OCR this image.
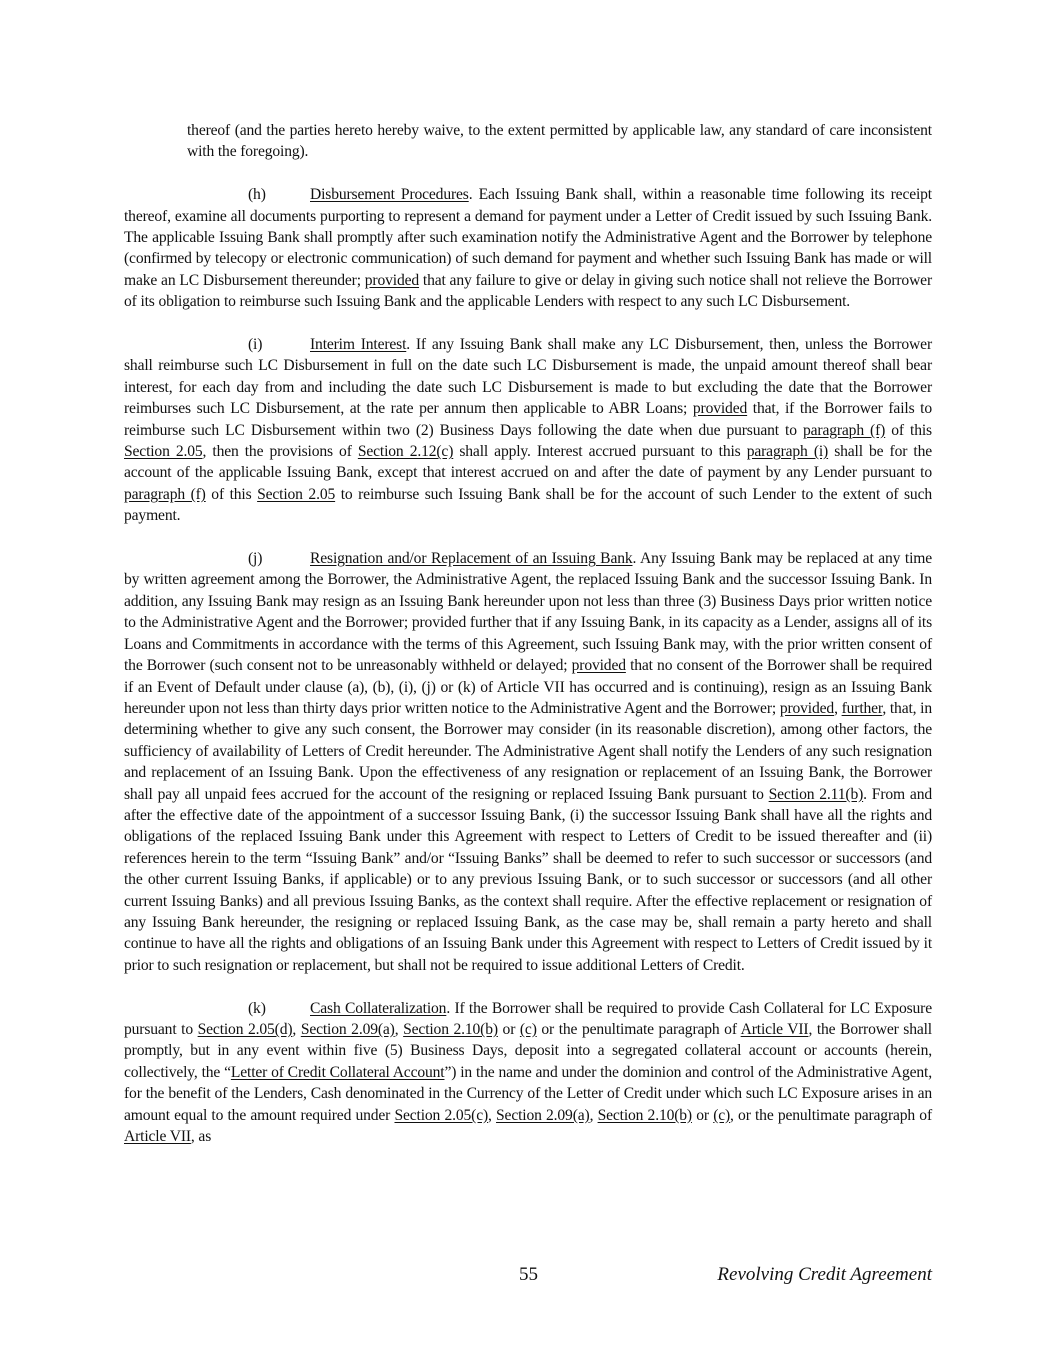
thereof (and the parties hereto hereby waive, to the extent permitted by applicable law, any standard of care inconsistent with the foregoing).

(h)	Disbursement Procedures. Each Issuing Bank shall, within a reasonable time following its receipt thereof, examine all documents purporting to represent a demand for payment under a Letter of Credit issued by such Issuing Bank. The applicable Issuing Bank shall promptly after such examination notify the Administrative Agent and the Borrower by telephone (confirmed by telecopy or electronic communication) of such demand for payment and whether such Issuing Bank has made or will make an LC Disbursement thereunder; provided that any failure to give or delay in giving such notice shall not relieve the Borrower of its obligation to reimburse such Issuing Bank and the applicable Lenders with respect to any such LC Disbursement.

(i)	Interim Interest. If any Issuing Bank shall make any LC Disbursement, then, unless the Borrower shall reimburse such LC Disbursement in full on the date such LC Disbursement is made, the unpaid amount thereof shall bear interest, for each day from and including the date such LC Disbursement is made to but excluding the date that the Borrower reimburses such LC Disbursement, at the rate per annum then applicable to ABR Loans; provided that, if the Borrower fails to reimburse such LC Disbursement within two (2) Business Days following the date when due pursuant to paragraph (f) of this Section 2.05, then the provisions of Section 2.12(c) shall apply. Interest accrued pursuant to this paragraph (i) shall be for the account of the applicable Issuing Bank, except that interest accrued on and after the date of payment by any Lender pursuant to paragraph (f) of this Section 2.05 to reimburse such Issuing Bank shall be for the account of such Lender to the extent of such payment.

(j)	Resignation and/or Replacement of an Issuing Bank. Any Issuing Bank may be replaced at any time by written agreement among the Borrower, the Administrative Agent, the replaced Issuing Bank and the successor Issuing Bank. In addition, any Issuing Bank may resign as an Issuing Bank hereunder upon not less than three (3) Business Days prior written notice to the Administrative Agent and the Borrower; provided further that if any Issuing Bank, in its capacity as a Lender, assigns all of its Loans and Commitments in accordance with the terms of this Agreement, such Issuing Bank may, with the prior written consent of the Borrower (such consent not to be unreasonably withheld or delayed; provided that no consent of the Borrower shall be required if an Event of Default under clause (a), (b), (i), (j) or (k) of Article VII has occurred and is continuing), resign as an Issuing Bank hereunder upon not less than thirty days prior written notice to the Administrative Agent and the Borrower; provided, further, that, in determining whether to give any such consent, the Borrower may consider (in its reasonable discretion), among other factors, the sufficiency of availability of Letters of Credit hereunder. The Administrative Agent shall notify the Lenders of any such resignation and replacement of an Issuing Bank. Upon the effectiveness of any resignation or replacement of an Issuing Bank, the Borrower shall pay all unpaid fees accrued for the account of the resigning or replaced Issuing Bank pursuant to Section 2.11(b). From and after the effective date of the appointment of a successor Issuing Bank, (i) the successor Issuing Bank shall have all the rights and obligations of the replaced Issuing Bank under this Agreement with respect to Letters of Credit to be issued thereafter and (ii) references herein to the term “Issuing Bank” and/or “Issuing Banks” shall be deemed to refer to such successor or successors (and the other current Issuing Banks, if applicable) or to any previous Issuing Bank, or to such successor or successors (and all other current Issuing Banks) and all previous Issuing Banks, as the context shall require. After the effective replacement or resignation of any Issuing Bank hereunder, the resigning or replaced Issuing Bank, as the case may be, shall remain a party hereto and shall continue to have all the rights and obligations of an Issuing Bank under this Agreement with respect to Letters of Credit issued by it prior to such resignation or replacement, but shall not be required to issue additional Letters of Credit.

(k)	Cash Collateralization. If the Borrower shall be required to provide Cash Collateral for LC Exposure pursuant to Section 2.05(d), Section 2.09(a), Section 2.10(b) or (c) or the penultimate paragraph of Article VII, the Borrower shall promptly, but in any event within five (5) Business Days, deposit into a segregated collateral account or accounts (herein, collectively, the “Letter of Credit Collateral Account”) in the name and under the dominion and control of the Administrative Agent, for the benefit of the Lenders, Cash denominated in the Currency of the Letter of Credit under which such LC Exposure arises in an amount equal to the amount required under Section 2.05(c), Section 2.09(a), Section 2.10(b) or (c), or the penultimate paragraph of Article VII, as

55	Revolving Credit Agreement
